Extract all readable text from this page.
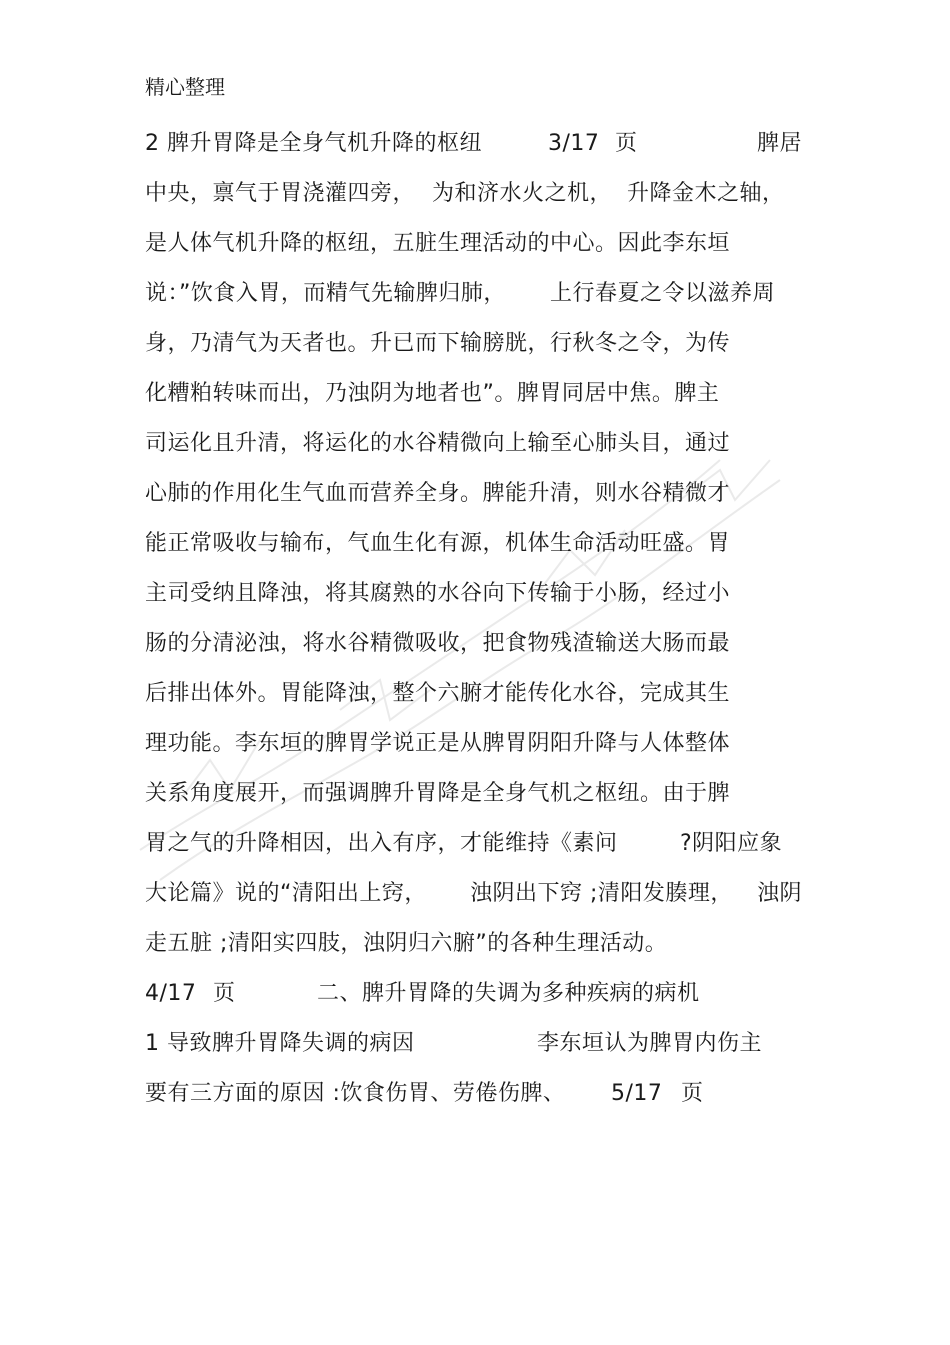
精心整理
2 脾升胃降是全身气机升降的枢纽	3/17 页	脾居
中央，禀气于胃浇灌四旁， 为和济水火之机， 升降金木之轴，
是人体气机升降的枢纽，五脏生理活动的中心。因此李东垣
说：”饮食入胃，而精气先输脾归肺， 上行春夏之令以滋养周
身，乃清气为天者也。升已而下输膀胱，行秋冬之令，为传
化糟粕转味而出，乃浊阴为地者也”。脾胃同居中焦。脾主
司运化且升清，将运化的水谷精微向上输至心肺头目，通过
心肺的作用化生气血而营养全身。脾能升清，则水谷精微才
能正常吸收与输布，气血生化有源，机体生命活动旺盛。胃
主司受纳且降浊，将其腐熟的水谷向下传输于小肠，经过小
肠的分清泌浊，将水谷精微吸收，把食物残渣输送大肠而最
后排出体外。胃能降浊，整个六腑才能传化水谷，完成其生
理功能。李东垣的脾胃学说正是从脾胃阴阳升降与人体整体
关系角度展开，而强调脾升胃降是全身气机之枢纽。由于脾
胃之气的升降相因，出入有序，才能维持《素问	?阴阳应象
大论篇》说的“清阳出上窍， 浊阴出下窍 ;清阳发腠理， 浊阴
走五脏 ;清阳实四肢，浊阴归六腑”的各种生理活动。
4/17 页	二、脾升胃降的失调为多种疾病的病机
1 导致脾升胃降失调的病因	李东垣认为脾胃内伤主
要有三方面的原因 :饮食伤胃、劳倦伤脾、 5/17 页
